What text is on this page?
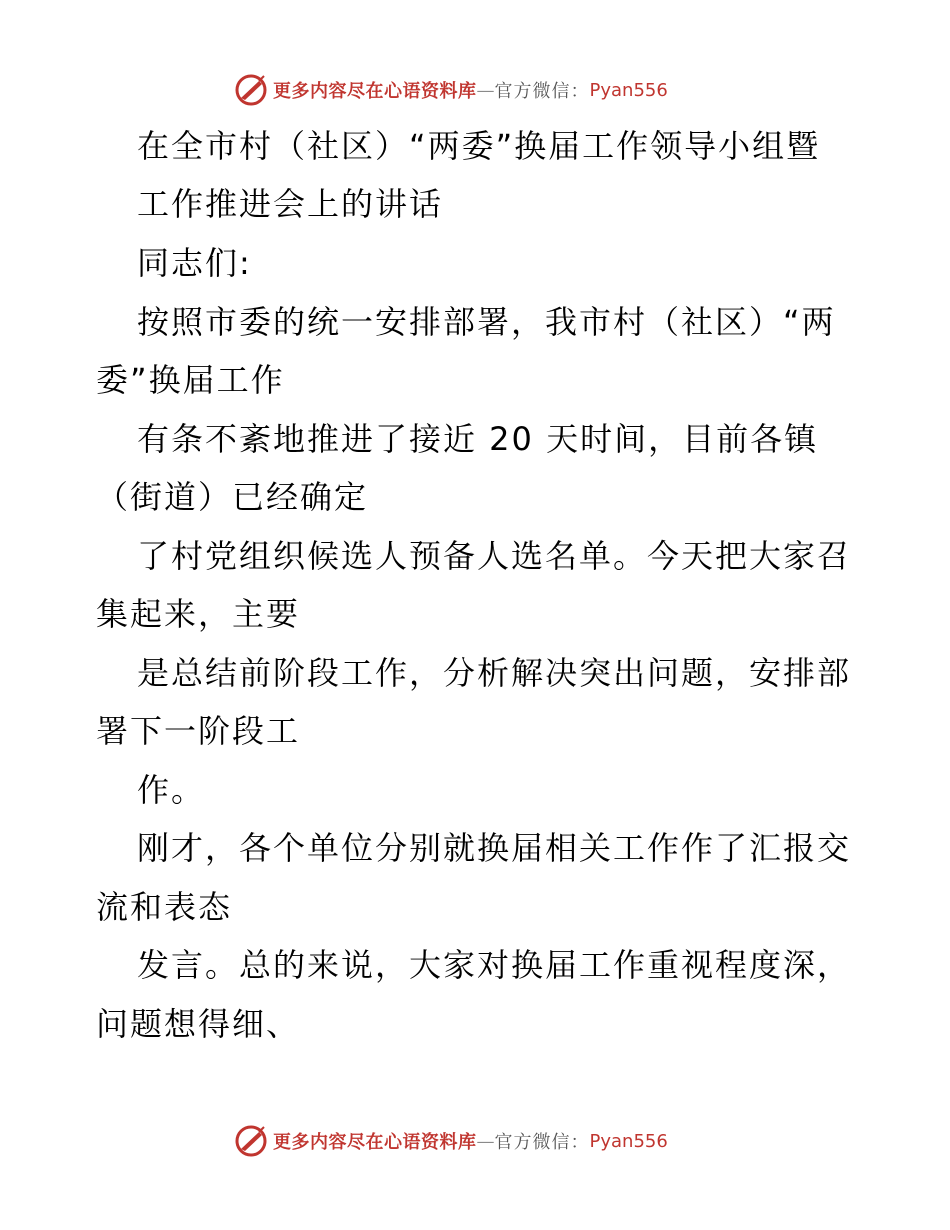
更多内容尽在心语资料库 — 官方微信： Pyan556
在全市村（社区）“两委”换届工作领导小组暨
工作推进会上的讲话
同志们:
按照市委的统一安排部署，我市村（社区）“两
委”换届工作
有条不紊地推进了接近 20 天时间，目前各镇
（街道）已经确定
了村党组织候选人预备人选名单。今天把大家召
集起来，主要
是总结前阶段工作，分析解决突出问题，安排部
署下一阶段工
作。
刚才，各个单位分别就换届相关工作作了汇报交
流和表态
发言。总的来说，大家对换届工作重视程度深，
问题想得细、
更多内容尽在心语资料库 — 官方微信： Pyan556
